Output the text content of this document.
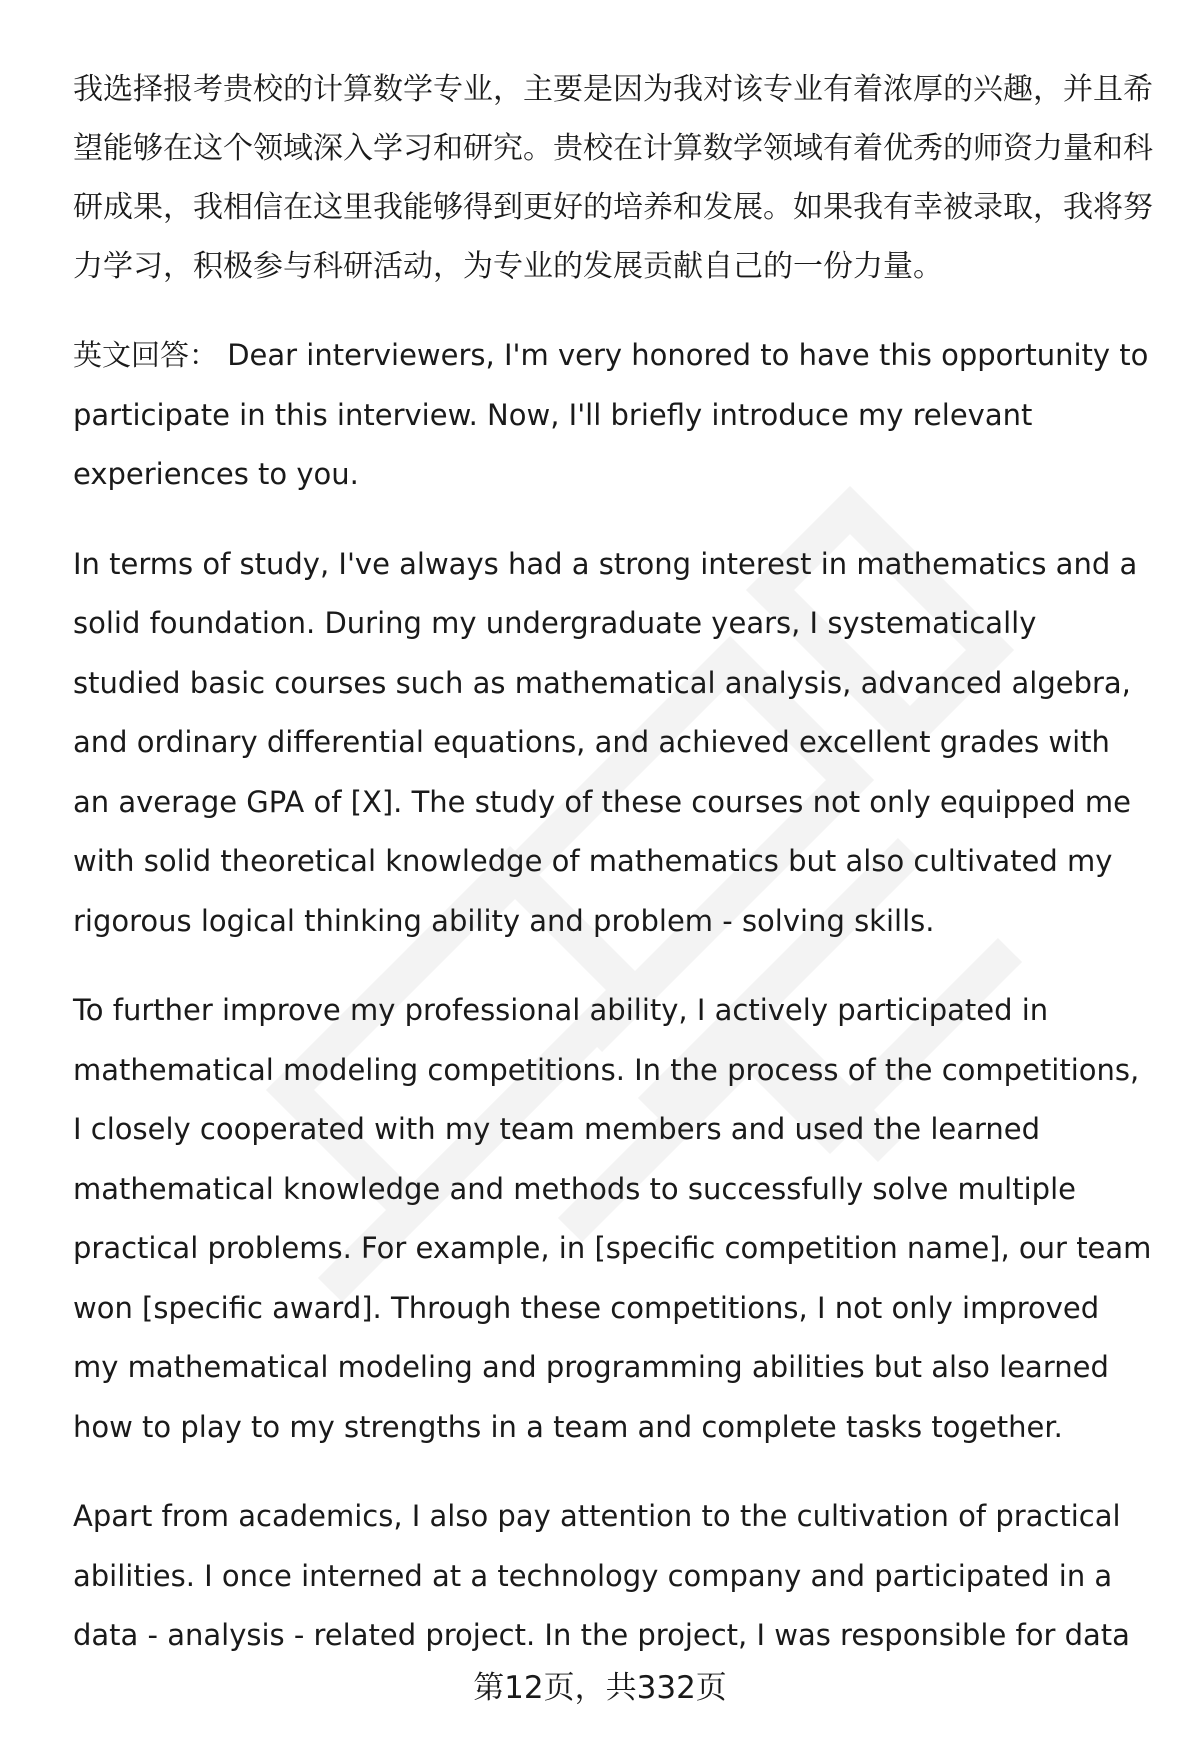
我选择报考贵校的计算数学专业，主要是因为我对该专业有着浓厚的兴趣，并且希望能够在这个领域深入学习和研究。贵校在计算数学领域有着优秀的师资力量和科研成果，我相信在这里我能够得到更好的培养和发展。如果我有幸被录取，我将努力学习，积极参与科研活动，为专业的发展贡献自己的一份力量。

英文回答： Dear interviewers, I'm very honored to have this opportunity to participate in this interview. Now, I'll briefly introduce my relevant experiences to you.

In terms of study, I've always had a strong interest in mathematics and a solid foundation. During my undergraduate years, I systematically studied basic courses such as mathematical analysis, advanced algebra, and ordinary differential equations, and achieved excellent grades with an average GPA of [X]. The study of these courses not only equipped me with solid theoretical knowledge of mathematics but also cultivated my rigorous logical thinking ability and problem - solving skills.

To further improve my professional ability, I actively participated in mathematical modeling competitions. In the process of the competitions, I closely cooperated with my team members and used the learned mathematical knowledge and methods to successfully solve multiple practical problems. For example, in [specific competition name], our team won [specific award]. Through these competitions, I not only improved my mathematical modeling and programming abilities but also learned how to play to my strengths in a team and complete tasks together.

Apart from academics, I also pay attention to the cultivation of practical abilities. I once interned at a technology company and participated in a data - analysis - related project. In the project, I was responsible for data

第12页，共332页
